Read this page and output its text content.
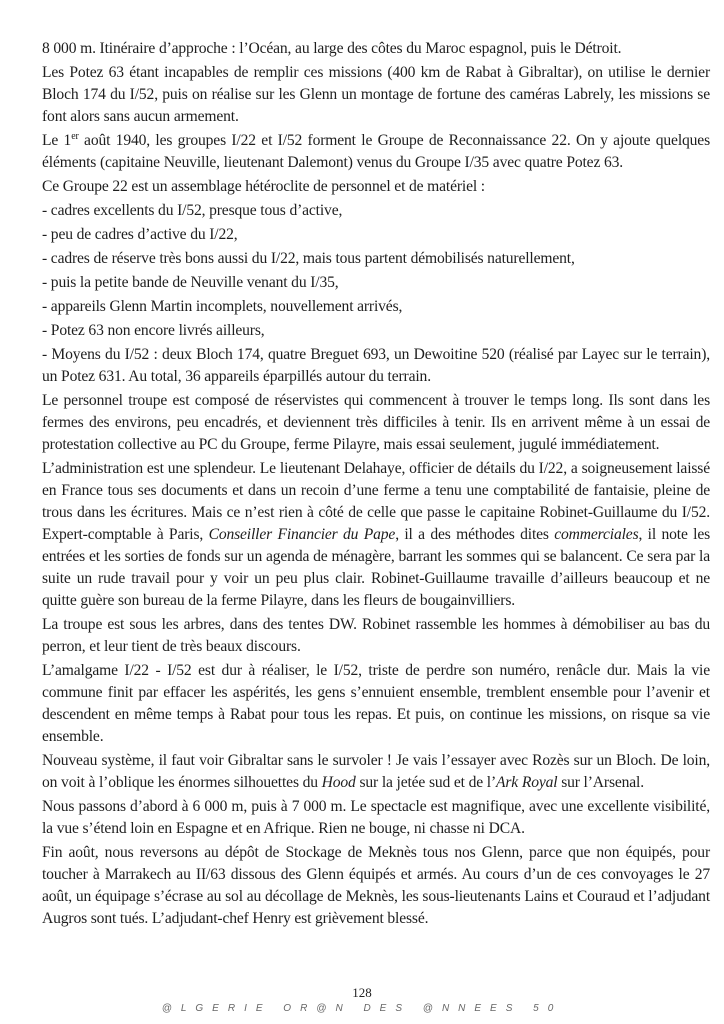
8 000 m. Itinéraire d’approche : l’Océan, au large des côtes du Maroc espagnol, puis le Détroit.

Les Potez 63 étant incapables de remplir ces missions (400 km de Rabat à Gibraltar), on utilise le dernier Bloch 174 du I/52, puis on réalise sur les Glenn un montage de fortune des caméras Labrely, les missions se font alors sans aucun armement.

Le 1er août 1940, les groupes I/22 et I/52 forment le Groupe de Reconnaissance 22. On y ajoute quelques éléments (capitaine Neuville, lieutenant Dalemont) venus du Groupe I/35 avec quatre Potez 63.

Ce Groupe 22 est un assemblage hétéroclite de personnel et de matériel :

- cadres excellents du I/52, presque tous d’active,

- peu de cadres d’active du I/22,

- cadres de réserve très bons aussi du I/22, mais tous partent démobilisés naturellement,

- puis la petite bande de Neuville venant du I/35,

- appareils Glenn Martin incomplets, nouvellement arrivés,

- Potez 63 non encore livrés ailleurs,

- Moyens du I/52 : deux Bloch 174, quatre Breguet 693, un Dewoitine 520 (réalisé par Layec sur le terrain), un Potez 631. Au total, 36 appareils éparpillés autour du terrain.

Le personnel troupe est composé de réservistes qui commencent à trouver le temps long. Ils sont dans les fermes des environs, peu encadrés, et deviennent très difficiles à tenir. Ils en arrivent même à un essai de protestation collective au PC du Groupe, ferme Pilayre, mais essai seulement, jugulé immédiatement.

L’administration est une splendeur. Le lieutenant Delahaye, officier de détails du I/22, a soigneusement laissé en France tous ses documents et dans un recoin d’une ferme a tenu une comptabilité de fantaisie, pleine de trous dans les écritures. Mais ce n’est rien à côté de celle que passe le capitaine Robinet-Guillaume du I/52. Expert-comptable à Paris, Conseiller Financier du Pape, il a des méthodes dites commerciales, il note les entrées et les sorties de fonds sur un agenda de ménagère, barrant les sommes qui se balancent. Ce sera par la suite un rude travail pour y voir un peu plus clair. Robinet-Guillaume travaille d’ailleurs beaucoup et ne quitte guère son bureau de la ferme Pilayre, dans les fleurs de bougainvilliers.

La troupe est sous les arbres, dans des tentes DW. Robinet rassemble les hommes à démobiliser au bas du perron, et leur tient de très beaux discours.

L’amalgame I/22 - I/52 est dur à réaliser, le I/52, triste de perdre son numéro, renâcle dur. Mais la vie commune finit par effacer les aspérités, les gens s’ennuient ensemble, tremblent ensemble pour l’avenir et descendent en même temps à Rabat pour tous les repas. Et puis, on continue les missions, on risque sa vie ensemble.

Nouveau système, il faut voir Gibraltar sans le survoler ! Je vais l’essayer avec Rozès sur un Bloch. De loin, on voit à l’oblique les énormes silhouettes du Hood sur la jetée sud et de l’Ark Royal sur l’Arsenal.

Nous passons d’abord à 6 000 m, puis à 7 000 m. Le spectacle est magnifique, avec une excellente visibilité, la vue s’étend loin en Espagne et en Afrique. Rien ne bouge, ni chasse ni DCA.

Fin août, nous reversons au dépôt de Stockage de Meknès tous nos Glenn, parce que non équipés, pour toucher à Marrakech au II/63 dissous des Glenn équipés et armés. Au cours d’un de ces convoyages le 27 août, un équipage s’écrase au sol au décollage de Meknès, les sous-lieutenants Lains et Couraud et l’adjudant Augros sont tués. L’adjudant-chef Henry est grièvement blessé.

128
@LGERIE OR@N DES @NNEES 50
